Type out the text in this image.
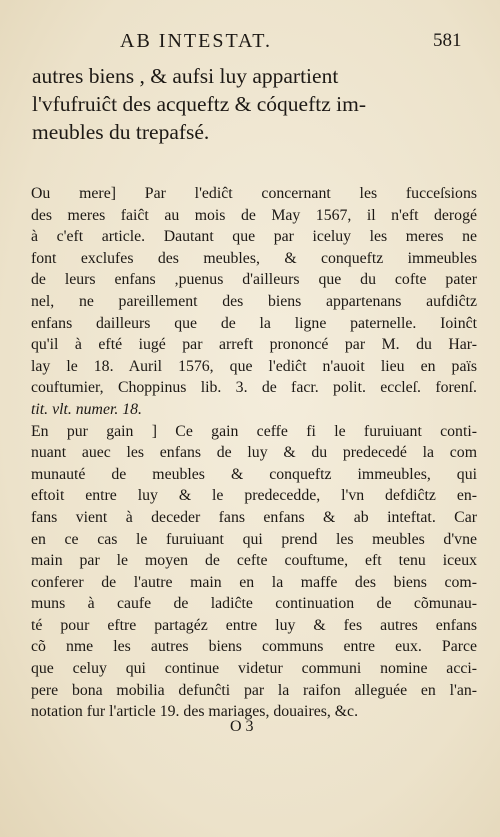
AB INTESTAT.	581
autres biens , & aufsi luy appartient
l'vfufruiĉt des acqueftz & cóqueftz im-
meubles du trepafsé.
Ou mere] Par l'ediĉt concernant les fucceſsions
des meres faiĉt au mois de May 1567, il n'eft derogé
à c'eft article. Dautant que par iceluy les meres ne
font exclufes des meubles, & conqueftz immeubles
de leurs enfans ,puenus d'ailleurs que du cofte pater
nel, ne pareillement des biens appartenans aufdiĉtz
enfans dailleurs que de la ligne paternelle. Ioinĉt
qu'il à efté iugé par arreft prononcé par M. du Har-
lay le 18. Auril 1576, que l'ediĉt n'auoit lieu en païs
couftumier, Choppinus lib. 3. de facr. polit. eccleſ. forenſ.
tit. vlt. numer. 18.
En pur gain ] Ce gain ceffe fi le furuiuant conti-
nuant auec les enfans de luy & du predecedé la com
munauté de meubles & conqueftz immeubles, qui
eftoit entre luy & le predecedde, l'vn defdiĉtz en-
fans vient à deceder fans enfans & ab inteftat. Car
en ce cas le furuiuant qui prend les meubles d'vne
main par le moyen de cefte couftume, eft tenu iceux
conferer de l'autre main en la maffe des biens com-
muns à caufe de ladiĉte continuation de cõmunau-
té pour eftre partagéz entre luy & fes autres enfans
cõ nme les autres biens communs entre eux. Parce
que celuy qui continue videtur communi nomine acci-
pere bona mobilia defunĉti par la raifon alleguée en l'an-
notation fur l'article 19. des mariages, douaires, &c.
O 3
